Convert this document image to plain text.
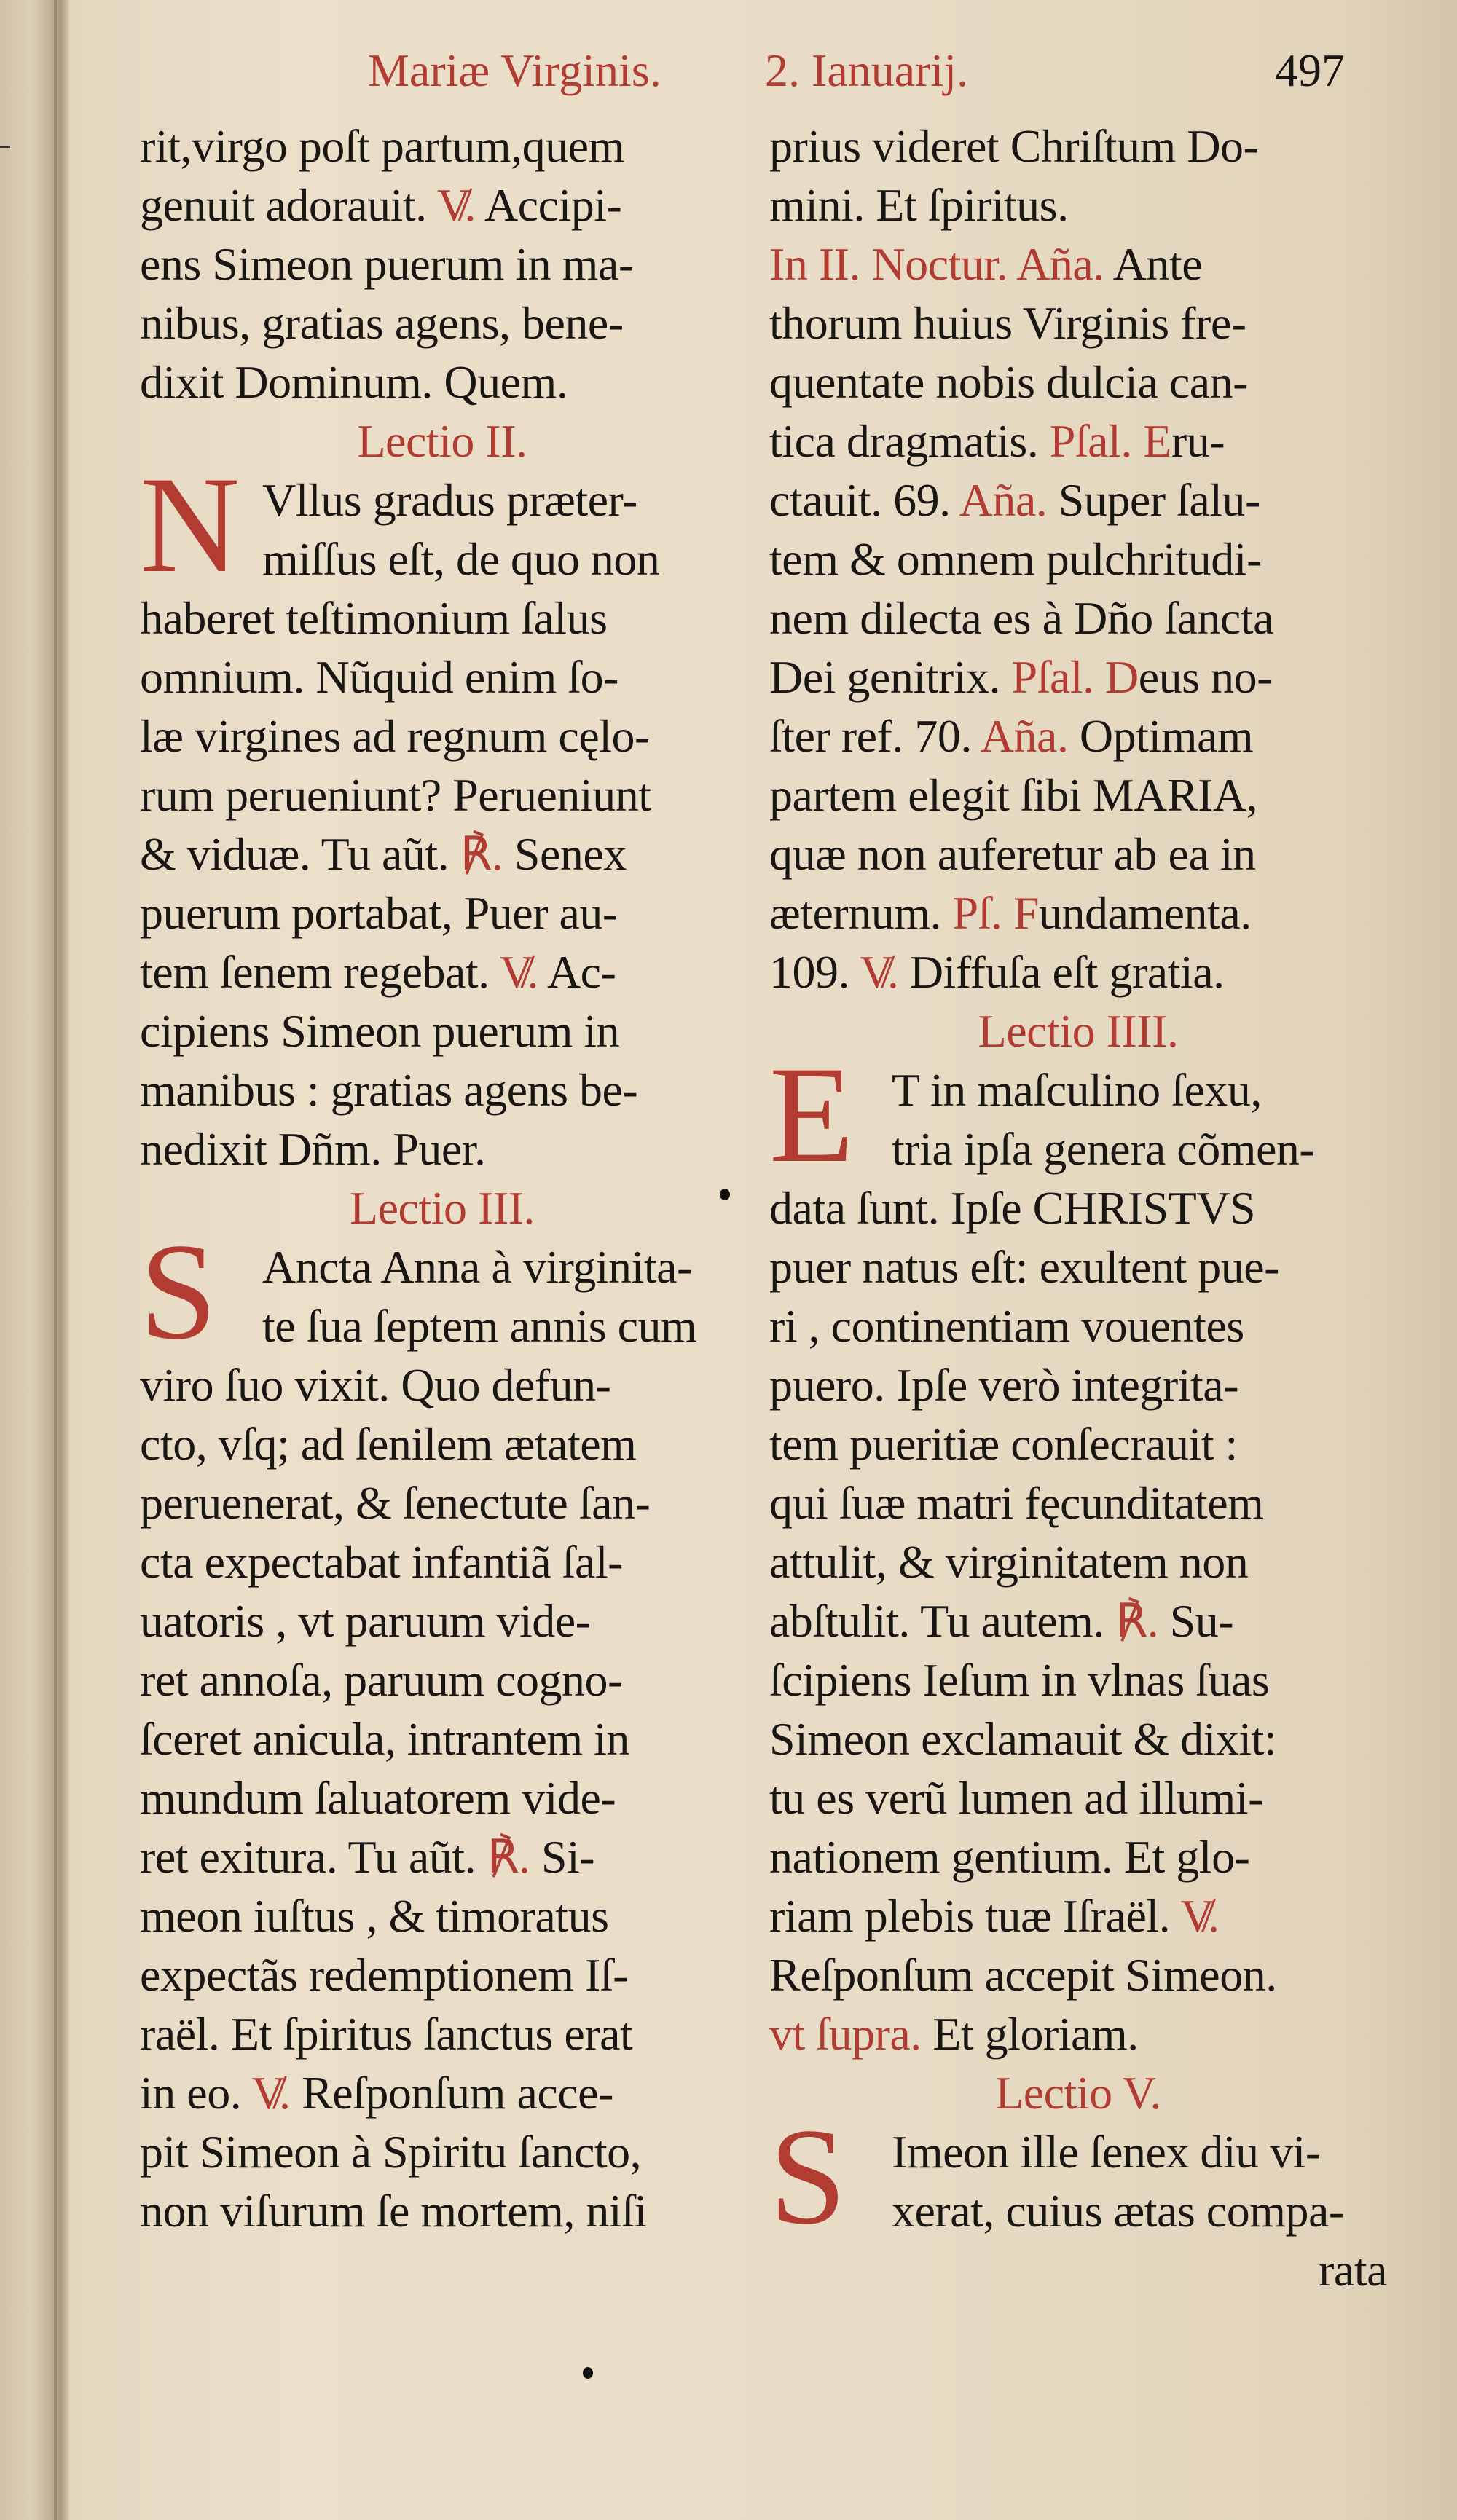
Mariæ Virginis. 2. Ianuarij.	497
rit,virgo poſt partum,quem
genuit adorauit. V̸. Accipi-
ens Simeon puerum in ma-
nibus, gratias agens, bene-
dixit Dominum. Quem.
Lectio II.
N Vllus gradus præter-
miſſus eſt, de quo non
haberet teſtimonium ſalus
omnium. Nũquid enim ſo-
læ virgines ad regnum cęlo-
rum perueniunt? Perueniunt
& viduæ. Tu aũt. ℟. Senex
puerum portabat, Puer au-
tem ſenem regebat. V̸. Ac-
cipiens Simeon puerum in
manibus : gratias agens be-
nedixit Dñm. Puer.
Lectio III.
S Ancta Anna à virginita-
te ſua ſeptem annis cum
viro ſuo vixit. Quo defun-
cto, vſq; ad ſenilem ætatem
peruenerat, & ſenectute ſan-
cta expectabat infantiã ſal-
uatoris , vt paruum vide-
ret annoſa, paruum cogno-
ſceret anicula, intrantem in
mundum ſaluatorem vide-
ret exitura. Tu aũt. ℟. Si-
meon iuſtus , & timoratus
expectãs redemptionem Iſ-
raël. Et ſpiritus ſanctus erat
in eo. V̸. Reſponſum acce-
pit Simeon à Spiritu ſancto,
non viſurum ſe mortem, niſi
prius videret Chriſtum Do-
mini. Et ſpiritus.
In II. Noctur. Aña. Ante
thorum huius Virginis fre-
quentate nobis dulcia can-
tica dragmatis. Pſal. Eru-
ctauit. 69. Aña. Super ſalu-
tem & omnem pulchritudi-
nem dilecta es à Dño ſancta
Dei genitrix. Pſal. Deus no-
ſter ref. 70. Aña. Optimam
partem elegit ſibi MARIA,
quæ non auferetur ab ea in
æternum. Pſ. Fundamenta.
109. V̸. Diffuſa eſt gratia.
Lectio IIII.
E T in maſculino ſexu,
tria ipſa genera cõmen-
data ſunt. Ipſe CHRISTVS
puer natus eſt: exultent pue-
ri , continentiam vouentes
puero. Ipſe verò integrita-
tem pueritiæ conſecrauit :
qui ſuæ matri fęcunditatem
attulit, & virginitatem non
abſtulit. Tu autem. ℟. Su-
ſcipiens Ieſum in vlnas ſuas
Simeon exclamauit & dixit:
tu es verũ lumen ad illumi-
nationem gentium. Et glo-
riam plebis tuæ Iſraël. V̸.
Reſponſum accepit Simeon.
vt ſupra. Et gloriam.
Lectio V.
S Imeon ille ſenex diu vi-
xerat, cuius ætas compa-
rata
